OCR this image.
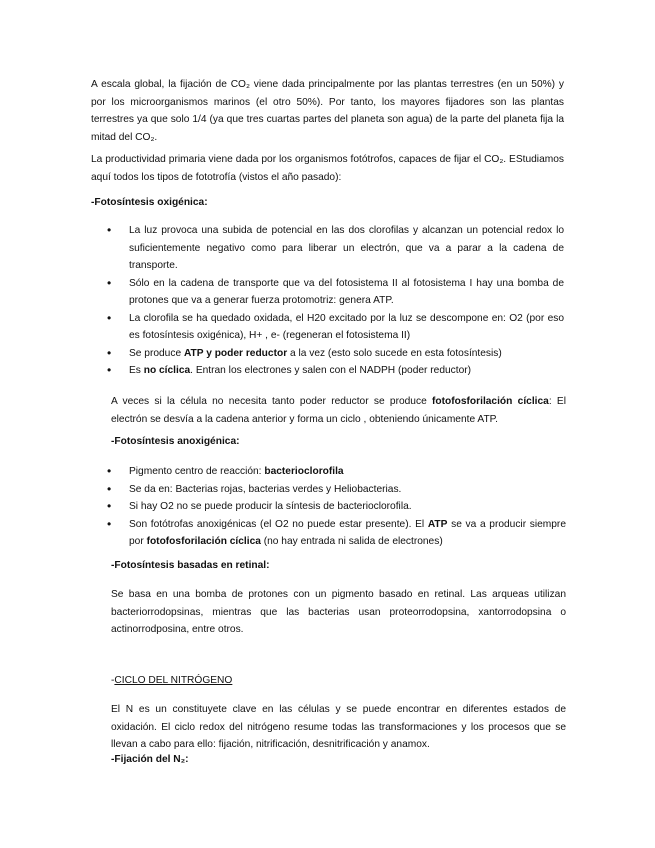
A escala global, la fijación de CO₂ viene dada principalmente por las plantas terrestres (en un 50%) y por los microorganismos marinos (el otro 50%). Por tanto, los mayores fijadores son las plantas terrestres ya que solo 1/4 (ya que tres cuartas partes del planeta son agua) de la parte del planeta fija la mitad del CO₂.
La productividad primaria viene dada por los organismos fotótrofos, capaces de fijar el CO₂. EStudiamos aquí todos los tipos de fototrofía (vistos el año pasado):
-Fotosíntesis oxigénica:
• La luz provoca una subida de potencial en las dos clorofilas y alcanzan un potencial redox lo suficientemente negativo como para liberar un electrón, que va a parar a la cadena de transporte.
• Sólo en la cadena de transporte que va del fotosistema II al fotosistema I hay una bomba de protones que va a generar fuerza protomotriz: genera ATP.
• La clorofila se ha quedado oxidada, el H20 excitado por la luz se descompone en: O2 (por eso es fotosíntesis oxigénica), H+ , e- (regeneran el fotosistema II)
• Se produce ATP y poder reductor a la vez (esto solo sucede en esta fotosíntesis)
• Es no cíclica. Entran los electrones y salen con el NADPH (poder reductor)
A veces si la célula no necesita tanto poder reductor se produce fotofosforilación cíclica: El electrón se desvía a la cadena anterior y forma un ciclo , obteniendo únicamente ATP.
-Fotosíntesis anoxigénica:
• Pigmento centro de reacción: bacterioclorofila
• Se da en: Bacterias rojas, bacterias verdes y Heliobacterias.
• Si hay O2 no se puede producir la síntesis de bacterioclorofila.
• Son fotótrofas anoxigénicas (el O2 no puede estar presente). El ATP se va a producir siempre por fotofosforilación cíclica (no hay entrada ni salida de electrones)
-Fotosíntesis basadas en retinal:
Se basa en una bomba de protones con un pigmento basado en retinal. Las arqueas utilizan bacteriorrodopsinas, mientras que las bacterias usan proteorrodopsina, xantorrodopsina o actinorrodposina, entre otros.
-CICLO DEL NITRÓGENO
El N es un constituyete clave en las células y se puede encontrar en diferentes estados de oxidación. El ciclo redox del nitrógeno resume todas las transformaciones y los procesos que se llevan a cabo para ello: fijación, nitrificación, desnitrificación y anamox.
-Fijación del N₂:
